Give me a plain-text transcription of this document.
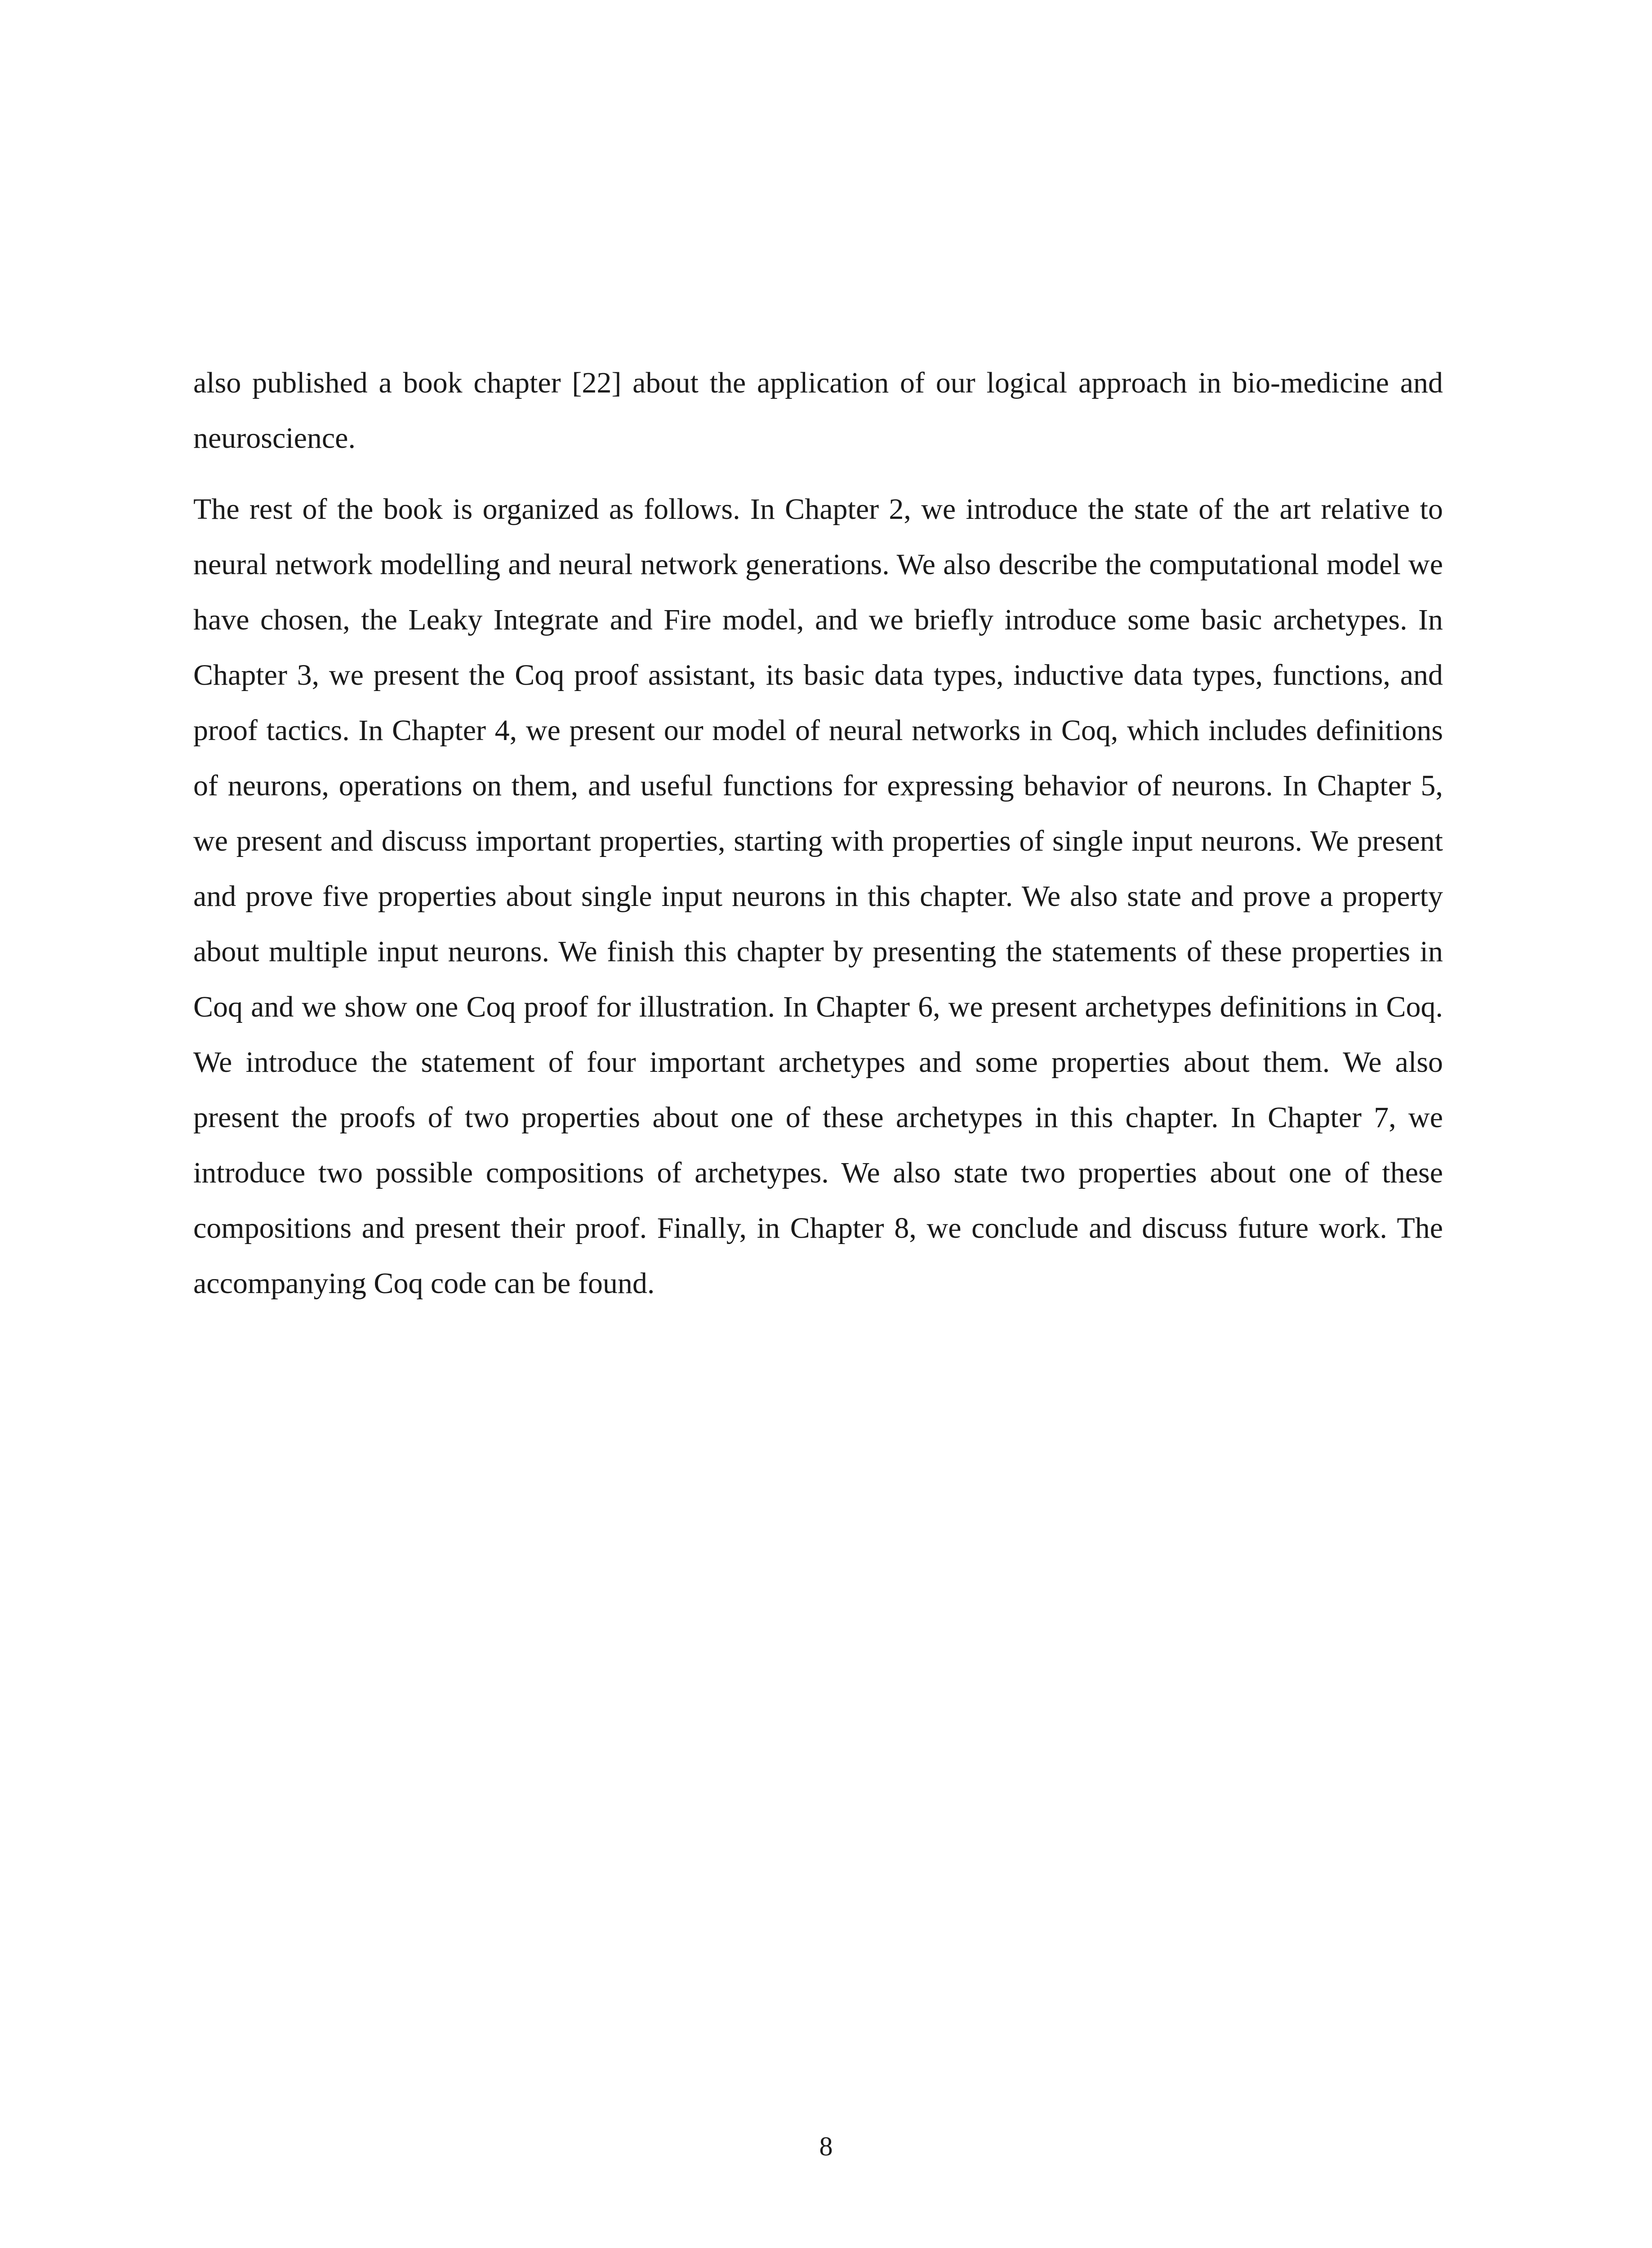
also published a book chapter [22] about the application of our logical approach in bio-medicine and neuroscience.

The rest of the book is organized as follows. In Chapter 2, we introduce the state of the art relative to neural network modelling and neural network generations. We also describe the computational model we have chosen, the Leaky Integrate and Fire model, and we briefly introduce some basic archetypes. In Chapter 3, we present the Coq proof assistant, its basic data types, inductive data types, functions, and proof tactics. In Chapter 4, we present our model of neural networks in Coq, which includes definitions of neurons, operations on them, and useful functions for expressing behavior of neurons. In Chapter 5, we present and discuss important properties, starting with properties of single input neurons. We present and prove five properties about single input neurons in this chapter. We also state and prove a property about multiple input neurons. We finish this chapter by presenting the statements of these properties in Coq and we show one Coq proof for illustration. In Chapter 6, we present archetypes definitions in Coq. We introduce the statement of four important archetypes and some properties about them. We also present the proofs of two properties about one of these archetypes in this chapter. In Chapter 7, we introduce two possible compositions of archetypes. We also state two properties about one of these compositions and present their proof. Finally, in Chapter 8, we conclude and discuss future work. The accompanying Coq code can be found.

8
